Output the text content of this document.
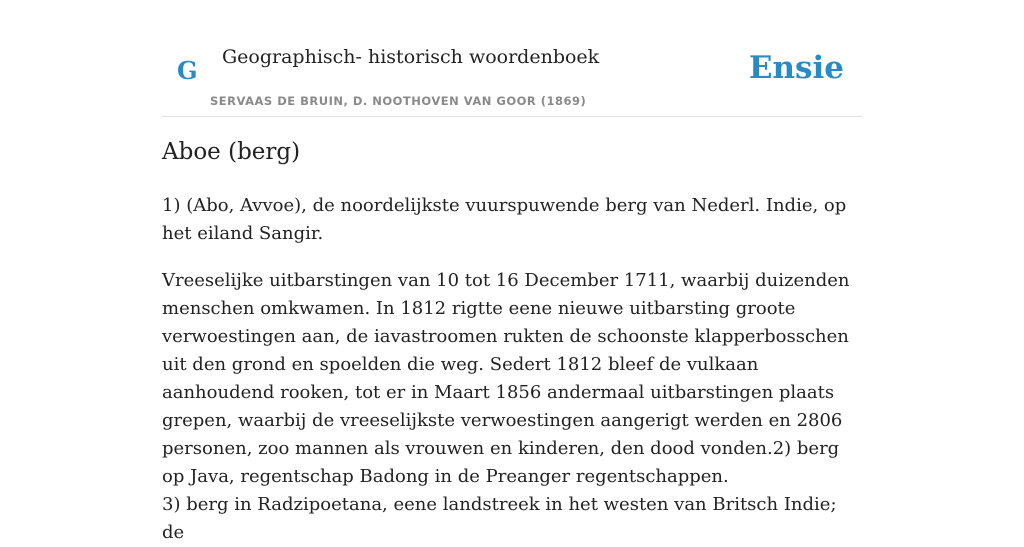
G Geographisch- historisch woordenboek
SERVAAS DE BRUIN, D. NOOTHOVEN VAN GOOR (1869)
Ensie
Aboe (berg)

1) (Abo, Avvoe), de noordelijkste vuurspuwende berg van Nederl. Indie, op het eiland Sangir.

Vreeselijke uitbarstingen van 10 tot 16 December 1711, waarbij duizenden menschen omkwamen. In 1812 rigtte eene nieuwe uitbarsting groote verwoestingen aan, de iavastroomen rukten de schoonste klapperbosschen uit den grond en spoelden die weg. Sedert 1812 bleef de vulkaan aanhoudend rooken, tot er in Maart 1856 andermaal uitbarstingen plaats grepen, waarbij de vreeselijkste verwoestingen aangerigt werden en 2806 personen, zoo mannen als vrouwen en kinderen, den dood vonden.2) berg op Java, regentschap Badong in de Preanger regentschappen.

3) berg in Radzipoetana, eene landstreek in het westen van Britsch Indie; de
